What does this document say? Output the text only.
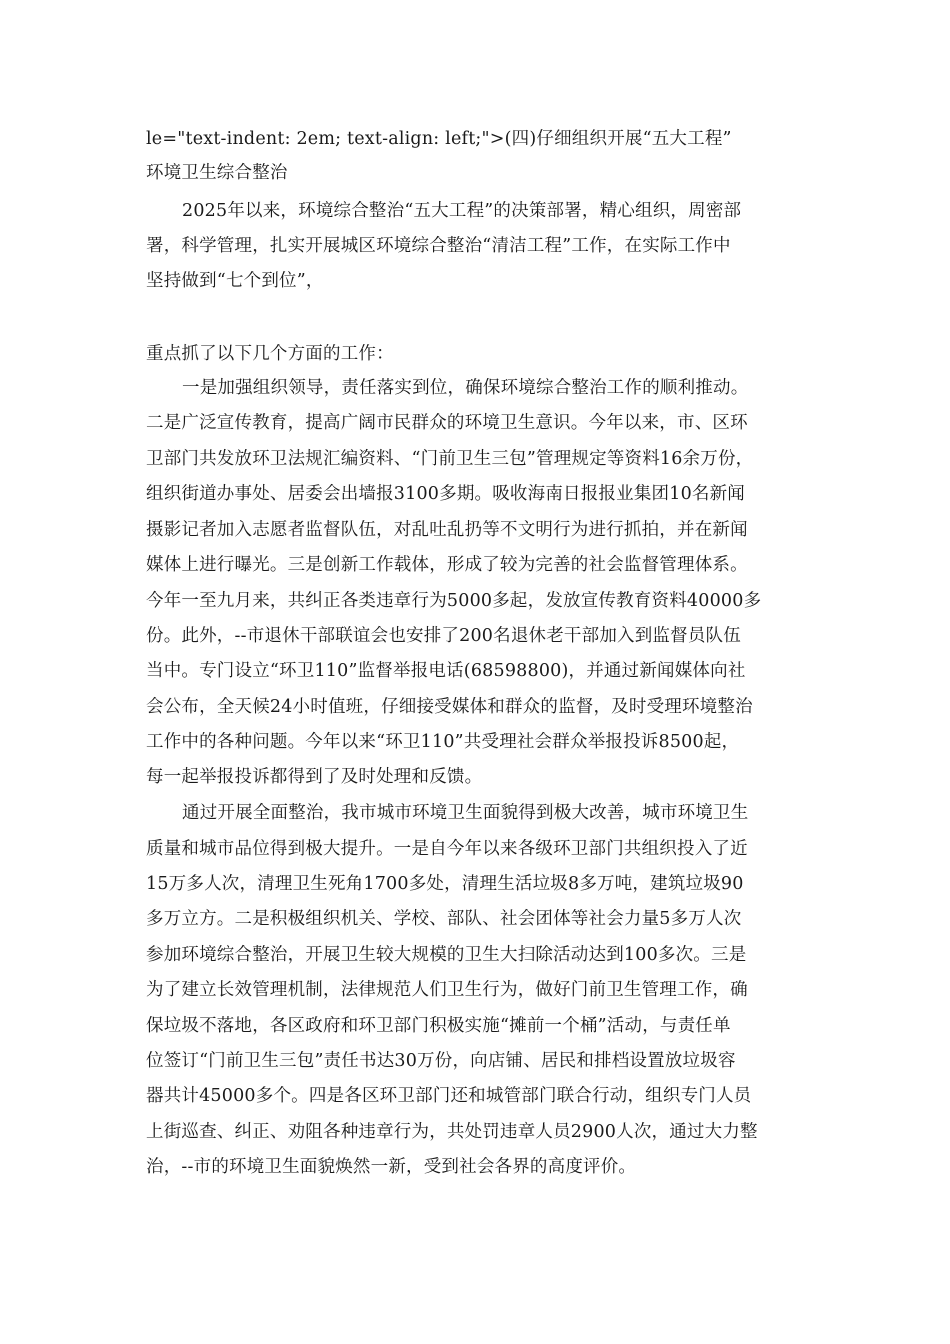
le="text-indent: 2em; text-align: left;">(四)仔细组织开展“五大工程”
环境卫生综合整治
2025年以来，环境综合整治“五大工程”的决策部署，精心组织，周密部
署，科学管理，扎实开展城区环境综合整治“清洁工程”工作，在实际工作中
坚持做到“七个到位”，
重点抓了以下几个方面的工作：
一是加强组织领导，责任落实到位，确保环境综合整治工作的顺利推动。
二是广泛宣传教育，提高广阔市民群众的环境卫生意识。今年以来，市、区环
卫部门共发放环卫法规汇编资料、“门前卫生三包”管理规定等资料16余万份，
组织街道办事处、居委会出墙报3100多期。吸收海南日报报业集团10名新闻
摄影记者加入志愿者监督队伍，对乱吐乱扔等不文明行为进行抓拍，并在新闻
媒体上进行曝光。三是创新工作载体，形成了较为完善的社会监督管理体系。
今年一至九月来，共纠正各类违章行为5000多起，发放宣传教育资料40000多
份。此外，--市退休干部联谊会也安排了200名退休老干部加入到监督员队伍
当中。专门设立“环卫110”监督举报电话(68598800)，并通过新闻媒体向社
会公布，全天候24小时值班，仔细接受媒体和群众的监督，及时受理环境整治
工作中的各种问题。今年以来“环卫110”共受理社会群众举报投诉8500起，
每一起举报投诉都得到了及时处理和反馈。
通过开展全面整治，我市城市环境卫生面貌得到极大改善，城市环境卫生
质量和城市品位得到极大提升。一是自今年以来各级环卫部门共组织投入了近
15万多人次，清理卫生死角1700多处，清理生活垃圾8多万吨，建筑垃圾90
多万立方。二是积极组织机关、学校、部队、社会团体等社会力量5多万人次
参加环境综合整治，开展卫生较大规模的卫生大扫除活动达到100多次。三是
为了建立长效管理机制，法律规范人们卫生行为，做好门前卫生管理工作，确
保垃圾不落地，各区政府和环卫部门积极实施“摊前一个桶”活动，与责任单
位签订“门前卫生三包”责任书达30万份，向店铺、居民和排档设置放垃圾容
器共计45000多个。四是各区环卫部门还和城管部门联合行动，组织专门人员
上街巡查、纠正、劝阻各种违章行为，共处罚违章人员2900人次，通过大力整
治，--市的环境卫生面貌焕然一新，受到社会各界的高度评价。
